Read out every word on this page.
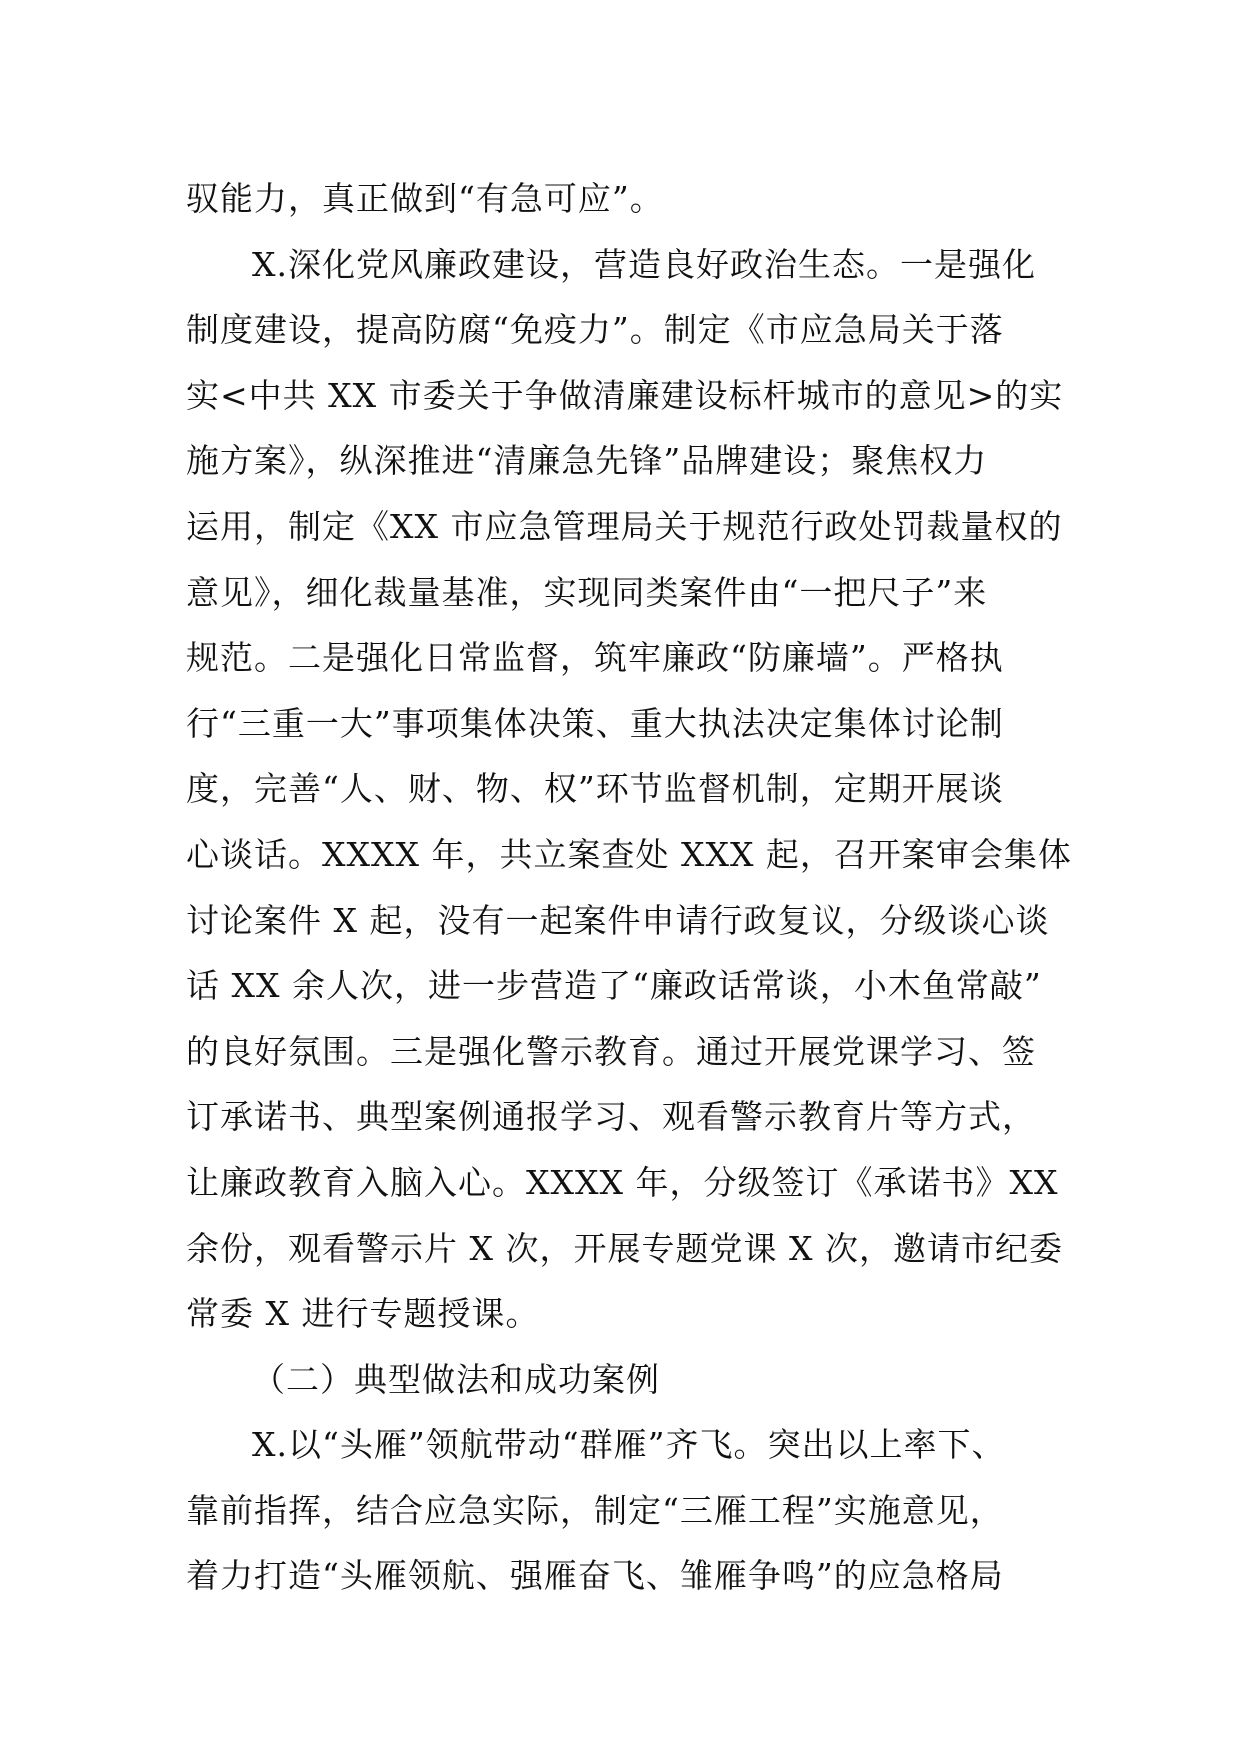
驭能力，真正做到“有急可应”。
X.深化党风廉政建设，营造良好政治生态。一是强化
制度建设，提高防腐“免疫力”。制定《市应急局关于落
实<中共 XX 市委关于争做清廉建设标杆城市的意见>的实
施方案》，纵深推进“清廉急先锋”品牌建设；聚焦权力
运用，制定《XX 市应急管理局关于规范行政处罚裁量权的
意见》，细化裁量基准，实现同类案件由“一把尺子”来
规范。二是强化日常监督，筑牢廉政“防廉墙”。严格执
行“三重一大”事项集体决策、重大执法决定集体讨论制
度，完善“人、财、物、权”环节监督机制，定期开展谈
心谈话。XXXX 年，共立案查处 XXX 起，召开案审会集体
讨论案件 X 起，没有一起案件申请行政复议，分级谈心谈
话 XX 余人次，进一步营造了“廉政话常谈，小木鱼常敲”
的良好氛围。三是强化警示教育。通过开展党课学习、签
订承诺书、典型案例通报学习、观看警示教育片等方式，
让廉政教育入脑入心。XXXX 年，分级签订《承诺书》XX
余份，观看警示片 X 次，开展专题党课 X 次，邀请市纪委
常委 X 进行专题授课。
（二）典型做法和成功案例
X.以“头雁”领航带动“群雁”齐飞。突出以上率下、
靠前指挥，结合应急实际，制定“三雁工程”实施意见，
着力打造“头雁领航、强雁奋飞、雏雁争鸣”的应急格局
